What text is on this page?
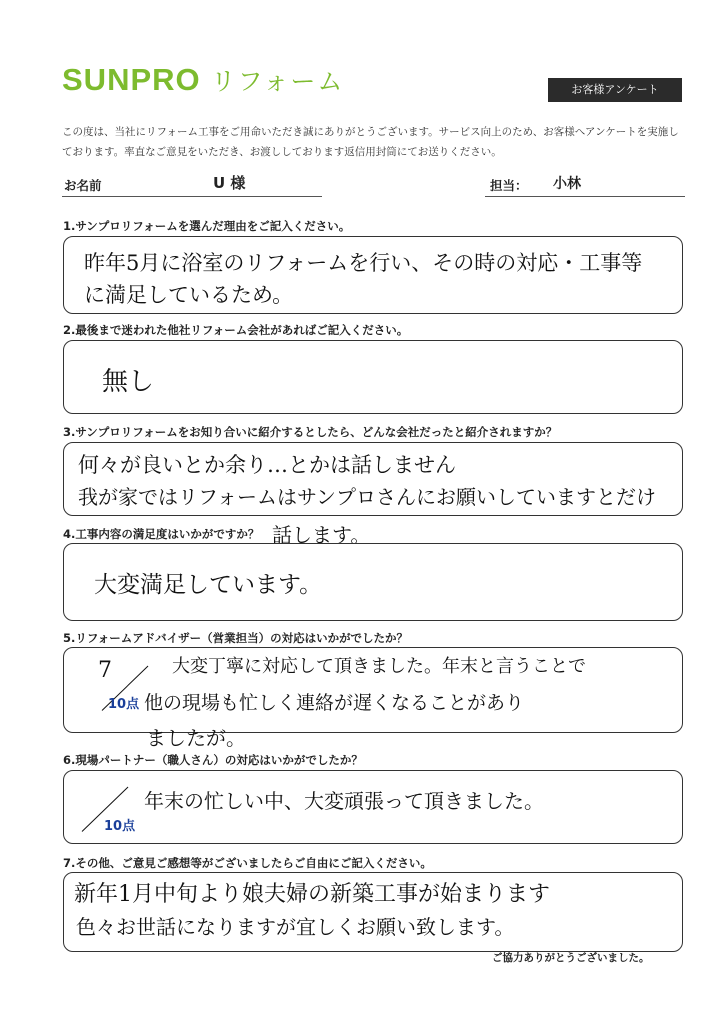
SUNPRO リフォーム	お客様アンケート
この度は、当社にリフォーム工事をご用命いただき誠にありがとうございます。サービス向上のため、お客様へアンケートを実施しております。率直なご意見をいただき、お渡ししております返信用封筒にてお送りください。
お名前	U 様	担当： 小林
1.サンプロリフォームを選んだ理由をご記入ください。
昨年5月に浴室のリフォームを行い、その時の対応・工事等
に満足しているため。
2.最後まで迷われた他社リフォーム会社があればご記入ください。
無し
3.サンプロリフォームをお知り合いに紹介するとしたら、どんな会社だったと紹介されますか？
何々が良いとか余り…とかは話しません
我が家ではリフォームはサンプロさんにお願いしていますとだけ
話します。
4.工事内容の満足度はいかがですか？
大変満足しています。
5.リフォームアドバイザー（営業担当）の対応はいかがでしたか？
7
10点
大変丁寧に対応して頂きました。年末と言うことで
他の現場も忙しく連絡が遅くなることがあり
ましたが。
6.現場パートナー（職人さん）の対応はいかがでしたか？
10点
年末の忙しい中、大変頑張って頂きました。
7.その他、ご意見ご感想等がございましたらご自由にご記入ください。
新年1月中旬より娘夫婦の新築工事が始まります
色々お世話になりますが宜しくお願い致します。
ご協力ありがとうございました。
